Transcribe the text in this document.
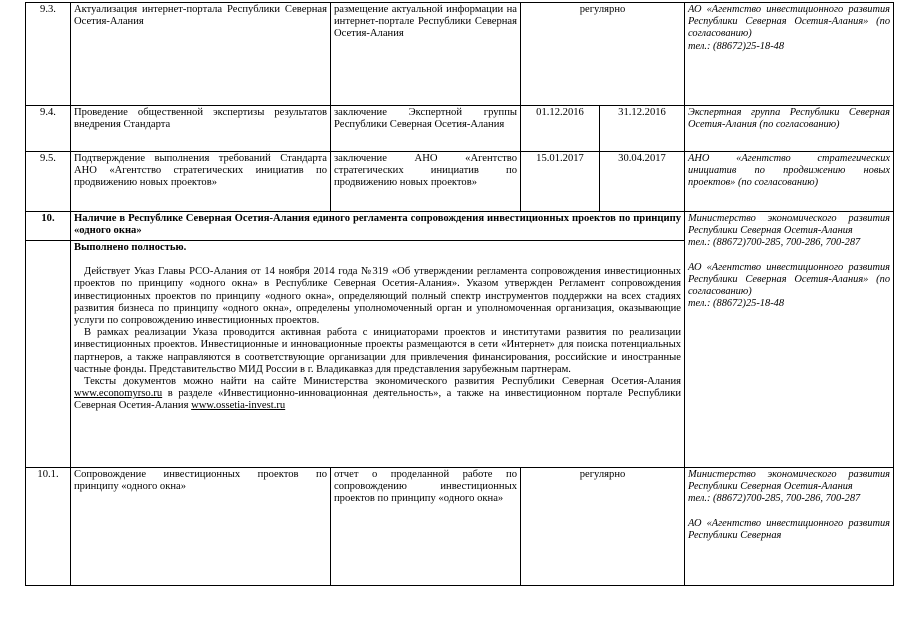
9.3.	Актуализация интернет-портала Республики Северная Осетия-Алания	размещение актуальной информации на интернет-портале Республики Северная Осетия-Алания	регулярно		АО «Агентство инвестиционного развития Республики Северная Осетия-Алания» (по согласованию)
тел.: (88672)25-18-48

9.4.	Проведение общественной экспертизы результатов внедрения Стандарта	заключение Экспертной группы Республики Северная Осетия-Алания	01.12.2016	31.12.2016	Экспертная группа Республики Северная Осетия-Алания (по согласованию)
9.5.	Подтверждение выполнения требований Стандарта АНО «Агентство стратегических инициатив по продвижению новых проектов»	заключение АНО «Агентство стратегических инициатив по продвижению новых проектов»	15.01.2017	30.04.2017	АНО «Агентство стратегических инициатив по продвижению новых проектов» (по согласованию)
10.	Наличие в Республике Северная Осетия-Алания единого регламента сопровождения инвестиционных проектов по принципу «одного окна»				Министерство экономического развития Республики Северная Осетия-Алания
тел.: (88672)700-285, 700-286, 700-287
АО «Агентство инвестиционного развития Республики Северная Осетия-Алания» (по согласованию)
тел.: (88672)25-18-48

	Выполнено полностью.

Действует Указ Главы РСО-Алания от 14 ноября 2014 года №319 «Об утверждении регламента сопровождения инвестиционных проектов по принципу «одного окна» в Республике Северная Осетия-Алания». Указом утвержден Регламент сопровождения инвестиционных проектов по принципу «одного окна», определяющий полный спектр инструментов поддержки на всех стадиях развития бизнеса по принципу «одного окна», определены уполномоченный орган и уполномоченная организация, оказывающие услуги по сопровождению инвестиционных проектов.

В рамках реализации Указа проводится активная работа с инициаторами проектов и институтами развития по реализации инвестиционных проектов. Инвестиционные и инновационные проекты размещаются в сети «Интернет» для поиска потенциальных партнеров, а также направляются в соответствующие организации для привлечения финансирования, российские и иностранные частные фонды. Представительство МИД России в г. Владикавказ для представления зарубежным партнерам.

Тексты документов можно найти на сайте Министерства экономического развития Республики Северная Осетия-Алания www.economyrso.ru в разделе «Инвестиционно-инновационная деятельность», а также на инвестиционном портале Республики Северная Осетия-Алания www.ossetia-invest.ru				

10.1.	Сопровождение инвестиционных проектов по принципу «одного окна»	отчет о проделанной работе по сопровождению инвестиционных проектов по принципу «одного окна»	регулярно		Министерство экономического развития Республики Северная Осетия-Алания
тел.: (88672)700-285, 700-286, 700-287
АО «Агентство инвестиционного развития Республики Северная
